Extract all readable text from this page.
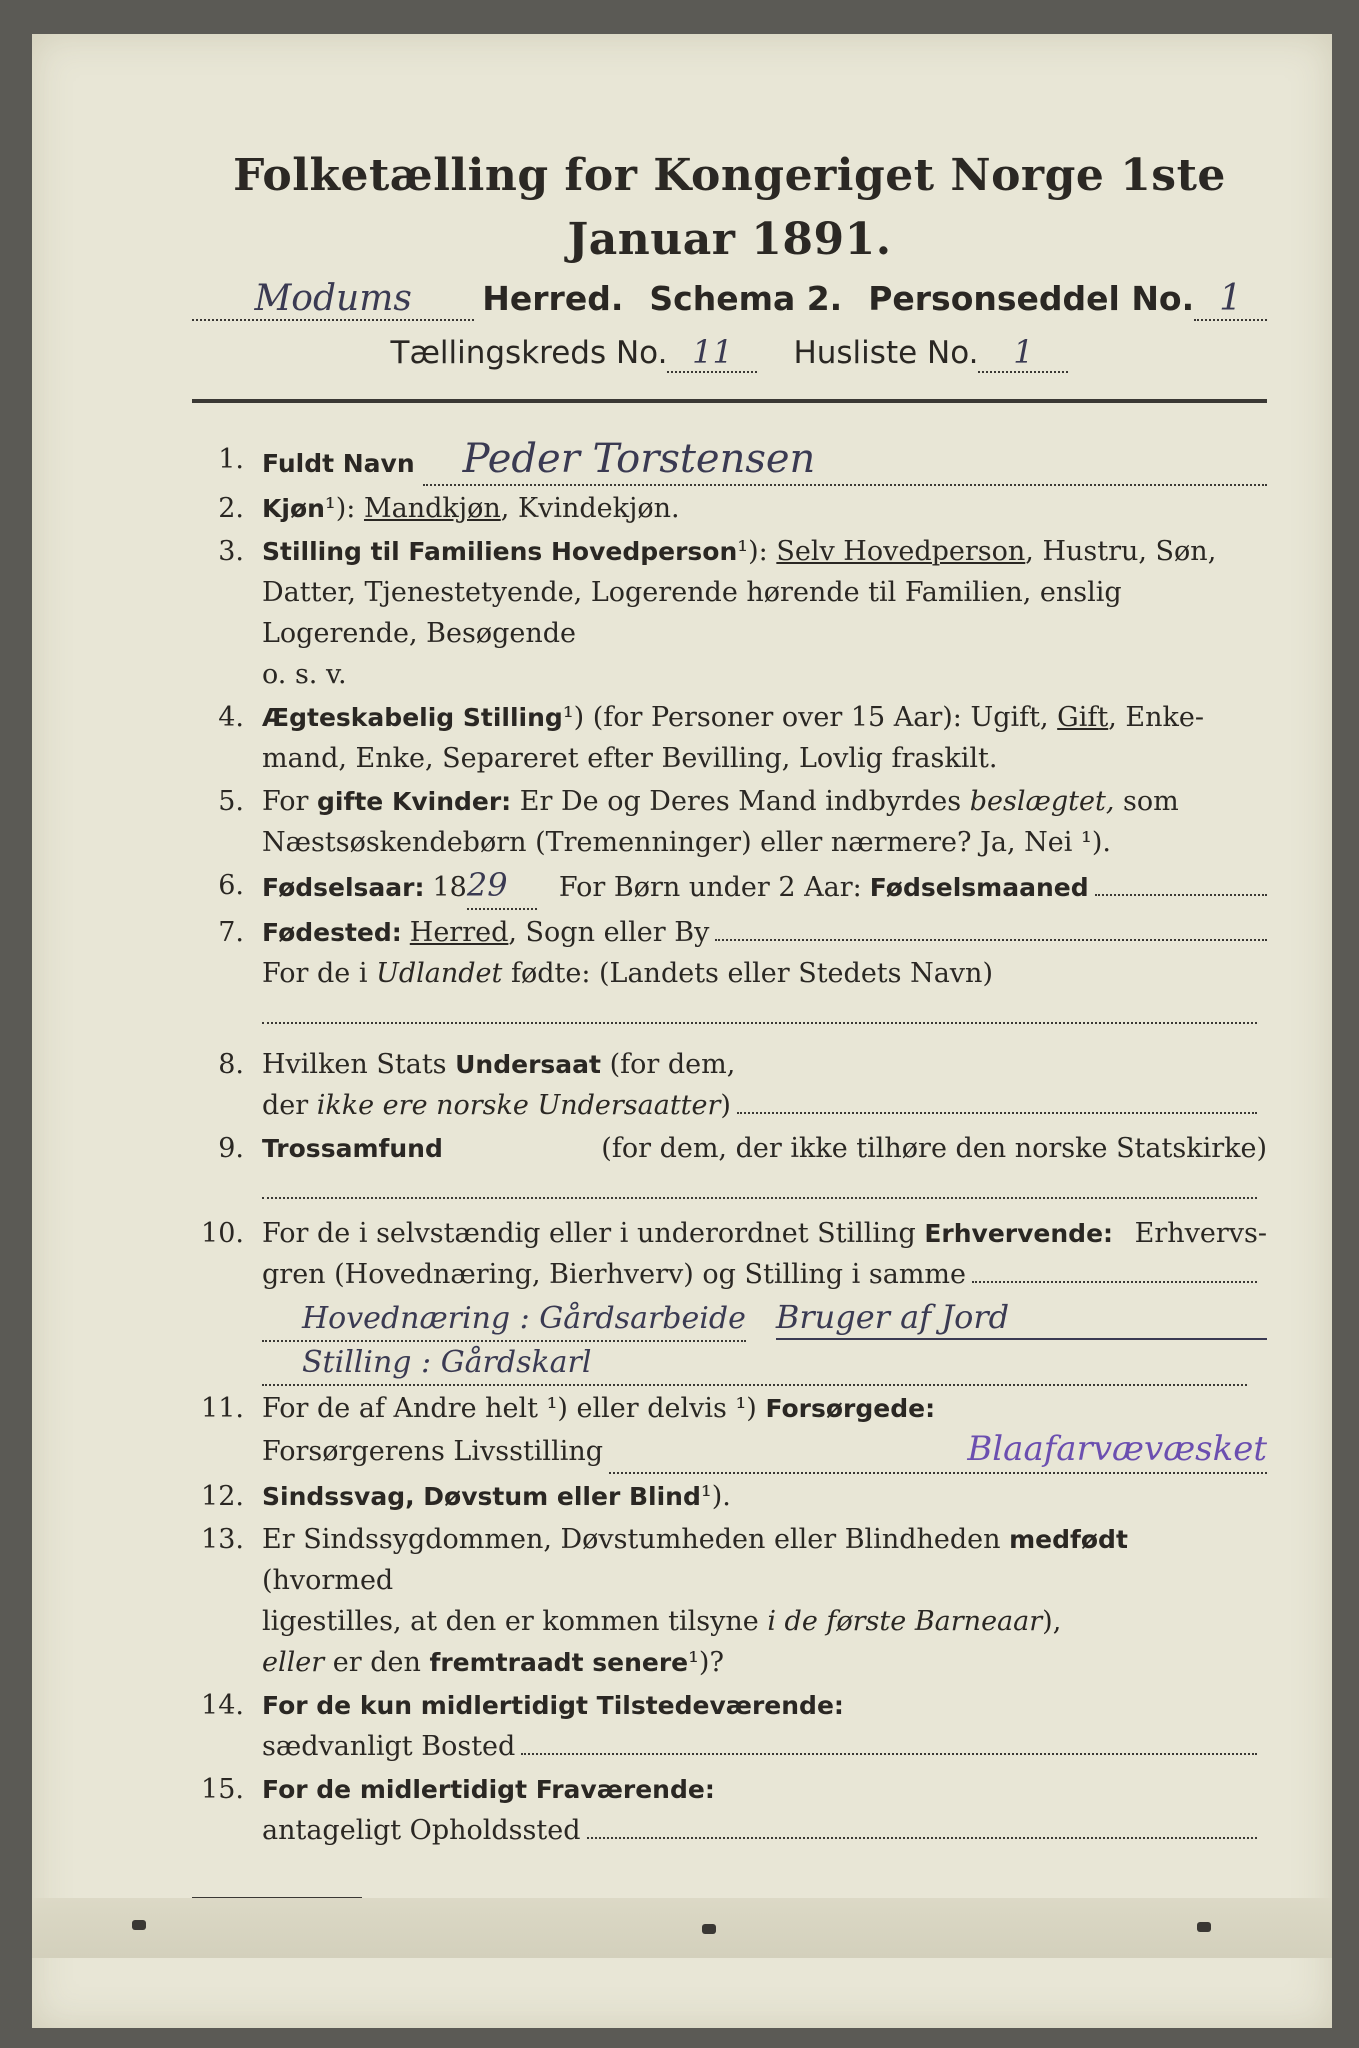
Folketælling for Kongeriget Norge 1ste Januar 1891.
Modums	Herred. Schema 2. Personseddel No. 1
Tællingskreds No. 11	Husliste No.	1
1. Fuldt Navn	Peder Torstensen
2. Kjøn¹): Mandkjøn, Kvindekjøn.
3. Stilling til Familiens Hovedperson¹): Selv Hovedperson, Hustru, Søn,
Datter, Tjenestetyende, Logerende hørende til Familien, enslig
Logerende, Besøgende
o. s. v.
4. Ægteskabelig Stilling¹) (for Personer over 15 Aar): Ugift, Gift, Enke-
mand, Enke, Separeret efter Bevilling, Lovlig fraskilt.
5. For gifte Kvinder: Er De og Deres Mand indbyrdes beslægtet, som
Næstsøskendebørn (Tremenninger) eller nærmere? Ja, Nei ¹).
6. Fødselsaar: 18 29	For Børn under 2 Aar: Fødselsmaaned
7. Fødested: Herred , Sogn eller By
For de i Udlandet fødte: (Landets eller Stedets Navn)
8. Hvilken Stats Undersaat (for dem,
der
ikke ere norske Undersaatter )
9. Trossamfund	(for dem, der ikke tilhøre den norske Statskirke)
10. For de i selvstændig eller i underordnet Stilling Erhvervende: Erhvervs-
gren (Hovednæring, Bierhverv) og Stilling i samme
Hovednæring : Gårdsarbeide Bruger af Jord
Stilling : Gårdskarl
11. For de af Andre helt ¹) eller delvis ¹) Forsørgede:
Forsørgerens Livsstilling	Blaafarvævæsket
12. Sindssvag, Døvstum eller Blind¹).
13. Er Sindssygdommen, Døvstumheden eller Blindheden medfødt (hvormed
ligestilles, at den er kommen tilsyne i de første Barneaar),
eller er den fremtraadt senere¹)?
14. For de kun midlertidigt Tilstedeværende:
sædvanligt Bosted
15. For de midlertidigt Fraværende:
antageligt Opholdssted
